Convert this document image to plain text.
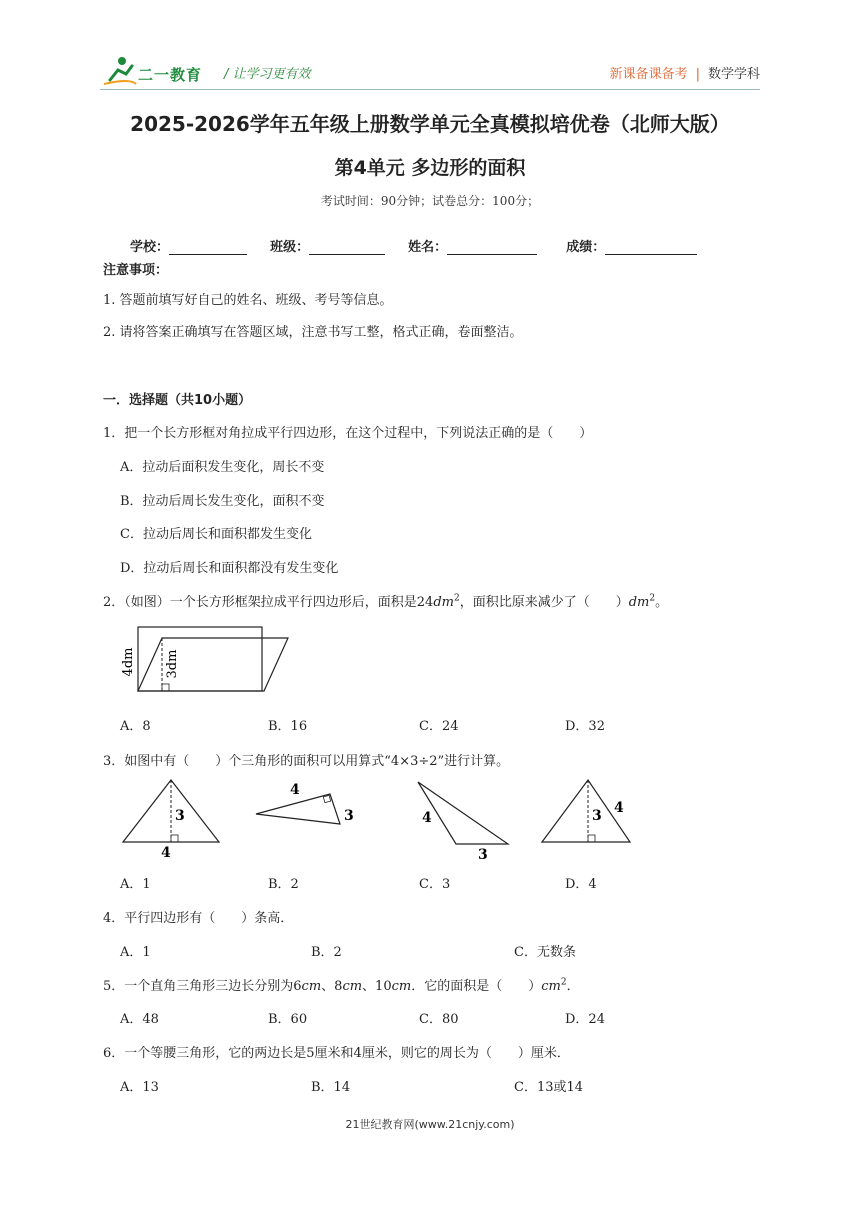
二一教育 / 让学习更有效	新课备课备考 | 数学学科
2025-2026学年五年级上册数学单元全真模拟培优卷（北师大版）
第4单元 多边形的面积
考试时间：90分钟；试卷总分：100分；
学校：	班级：	姓名：	成绩：
注意事项：
1. 答题前填写好自己的姓名、班级、考号等信息。
2. 请将答案正确填写在答题区域，注意书写工整，格式正确，卷面整洁。
一．选择题（共10小题）
1．把一个长方形框对角拉成平行四边形，在这个过程中，下列说法正确的是（　　）
A．拉动后面积发生变化，周长不变
B．拉动后周长发生变化，面积不变
C．拉动后周长和面积都发生变化
D．拉动后周长和面积都没有发生变化
2．（如图）一个长方形框架拉成平行四边形后，面积是$24dm^2$，面积比原来减少了（　　）$dm^2$。
4dm 3dm
A．8	B．16	C．24	D．32
3．如图中有（　　）个三角形的面积可以用算式“4×3÷2”进行计算。
3
4
4
3	4
3
3 4
A．1	B．2	C．3	D．4
4．平行四边形有（　　）条高．
A．1	B．2	C．无数条
5．一个直角三角形三边长分别为6cm、8cm、10cm．它的面积是（　　）$cm^2$．
A．48	B．60	C．80	D．24
6．一个等腰三角形，它的两边长是5厘米和4厘米，则它的周长为（　　）厘米．
A．13	B．14	C．13或14
21世纪教育网(www.21cnjy.com)
